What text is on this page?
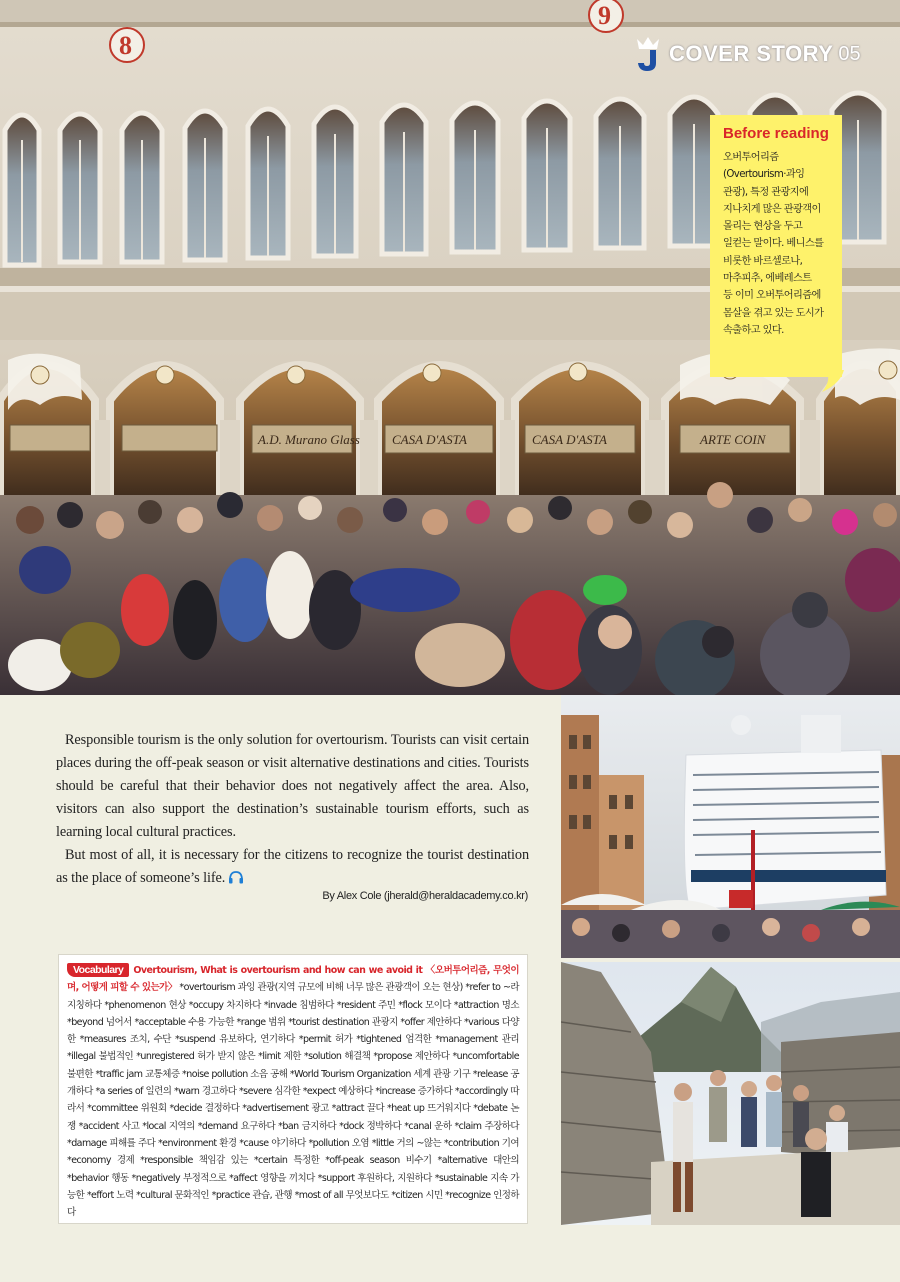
A.D. Murano Glass CASA D'ASTA	CASA D'ASTA	ARTE COIN
8
9
COVER STORY 05
Before reading
오버투어리즘
(Overtourism·과잉
관광), 특정 관광지에
지나치게 많은 관광객이
몰리는 현상을 두고
일컫는 말이다. 베니스를
비롯한 바르셀로나,
마추피추, 에베레스트
등 이미 오버투어리즘에
몸살을 겪고 있는 도시가
속출하고 있다.

Responsible tourism is the only solution for overtourism. Tourists can visit certain places during the off-peak season or visit alternative destinations and cities. Tourists should be careful that their behavior does not negatively affect the area. Also, visitors can also support the destination’s sustainable tourism efforts, such as learning local cultural practices.

But most of all, it is necessary for the citizens to recognize the tourist destination as the place of someone’s life.

By Alex Cole (jherald@heraldacademy.co.kr)
Vocabulary Overtourism, What is overtourism and how can we avoid it 〈오버투어리즘, 무엇이며, 어떻게 피할 수 있는가〉 *overtourism 과잉 관광(지역 규모에 비해 너무 많은 관광객이 오는 현상) *refer to ~라 지칭하다 *phenomenon 현상 *occupy 차지하다 *invade 침범하다 *resident 주민 *flock 모이다 *attraction 명소 *beyond 넘어서 *acceptable 수용 가능한 *range 범위 *tourist destination 관광지 *offer 제안하다 *various 다양한 *measures 조치, 수단 *suspend 유보하다, 연기하다 *permit 허가 *tightened 엄격한 *management 관리 *illegal 불법적인 *unregistered 허가 받지 않은 *limit 제한 *solution 해결책 *propose 제안하다 *uncomfortable 불편한 *traffic jam 교통체증 *noise pollution 소음 공해 *World Tourism Organization 세계 관광 기구 *release 공개하다 *a series of 일련의 *warn 경고하다 *severe 심각한 *expect 예상하다 *increase 증가하다 *accordingly 따라서 *committee 위원회 *decide 결정하다 *advertisement 광고 *attract 끌다 *heat up 뜨거워지다 *debate 논쟁 *accident 사고 *local 지역의 *demand 요구하다 *ban 금지하다 *dock 정박하다 *canal 운하 *claim 주장하다 *damage 피해를 주다 *environment 환경 *cause 야기하다 *pollution 오염 *little 거의 ~않는 *contribution 기여 *economy 경제 *responsible 책임감 있는 *certain 특정한 *off-peak season 비수기 *alternative 대안의 *behavior 행동 *negatively 부정적으로 *affect 영향을 끼치다 *support 후원하다, 지원하다 *sustainable 지속 가능한 *effort 노력 *cultural 문화적인 *practice 관습, 관행 *most of all 무엇보다도 *citizen 시민 *recognize 인정하다
